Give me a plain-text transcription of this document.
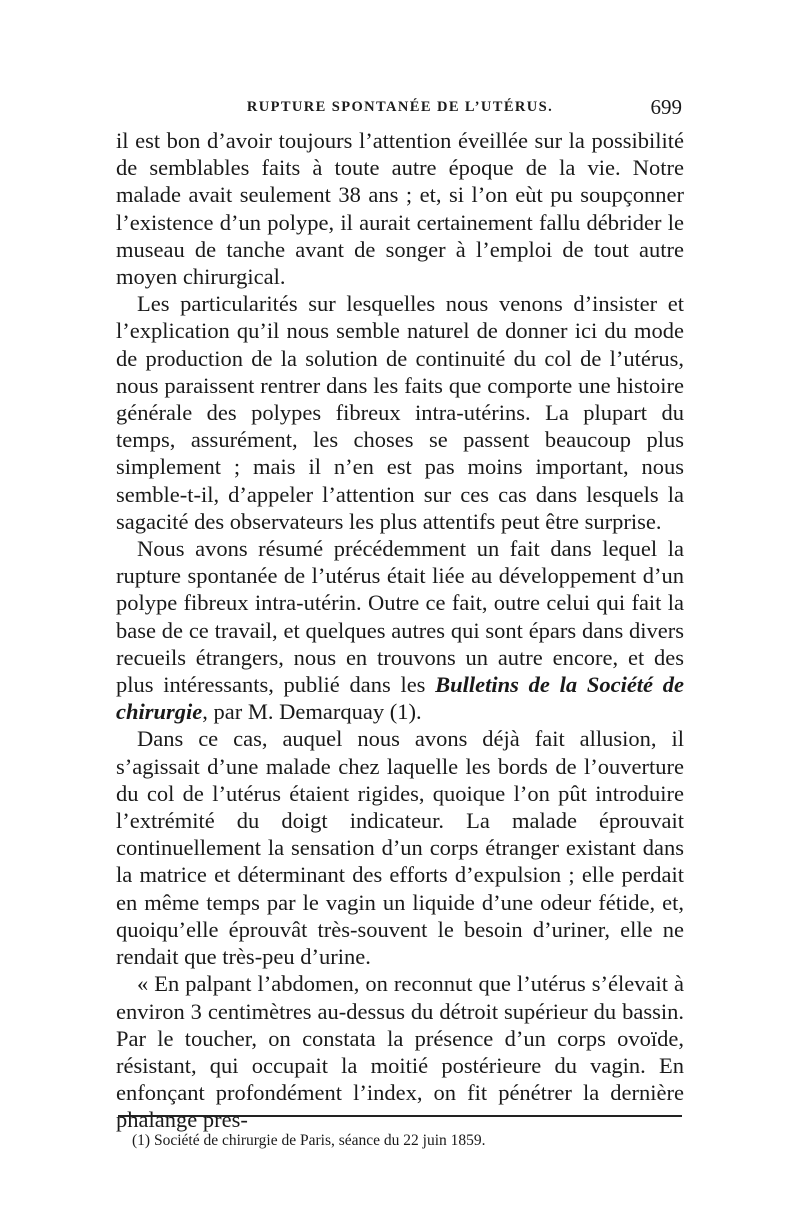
RUPTURE SPONTANÉE DE L’UTÉRUS.	699

il est bon d’avoir toujours l’attention éveillée sur la possibilité de semblables faits à toute autre époque de la vie. Notre malade avait seulement 38 ans ; et, si l’on eùt pu soupçonner l’existence d’un polype, il aurait certainement fallu débrider le museau de tanche avant de songer à l’emploi de tout autre moyen chirurgical.

Les particularités sur lesquelles nous venons d’insister et l’explication qu’il nous semble naturel de donner ici du mode de production de la solution de continuité du col de l’utérus, nous paraissent rentrer dans les faits que comporte une histoire générale des polypes fibreux intra-utérins. La plupart du temps, assurément, les choses se passent beaucoup plus simplement ; mais il n’en est pas moins important, nous semble-t-il, d’appeler l’attention sur ces cas dans lesquels la sagacité des observateurs les plus attentifs peut être surprise.

Nous avons résumé précédemment un fait dans lequel la rupture spontanée de l’utérus était liée au développement d’un polype fibreux intra-utérin. Outre ce fait, outre celui qui fait la base de ce travail, et quelques autres qui sont épars dans divers recueils étrangers, nous en trouvons un autre encore, et des plus intéressants, publié dans les Bulletins de la Société de chirurgie, par M. Demarquay (1).

Dans ce cas, auquel nous avons déjà fait allusion, il s’agissait d’une malade chez laquelle les bords de l’ouverture du col de l’utérus étaient rigides, quoique l’on pût introduire l’extrémité du doigt indicateur. La malade éprouvait continuellement la sensation d’un corps étranger existant dans la matrice et déterminant des efforts d’expulsion ; elle perdait en même temps par le vagin un liquide d’une odeur fétide, et, quoiqu’elle éprouvât très-souvent le besoin d’uriner, elle ne rendait que très-peu d’urine.

« En palpant l’abdomen, on reconnut que l’utérus s’élevait à environ 3 centimètres au-dessus du détroit supérieur du bassin. Par le toucher, on constata la présence d’un corps ovoïde, résistant, qui occupait la moitié postérieure du vagin. En enfonçant profondément l’index, on fit pénétrer la dernière phalange pres-

(1) Société de chirurgie de Paris, séance du 22 juin 1859.
